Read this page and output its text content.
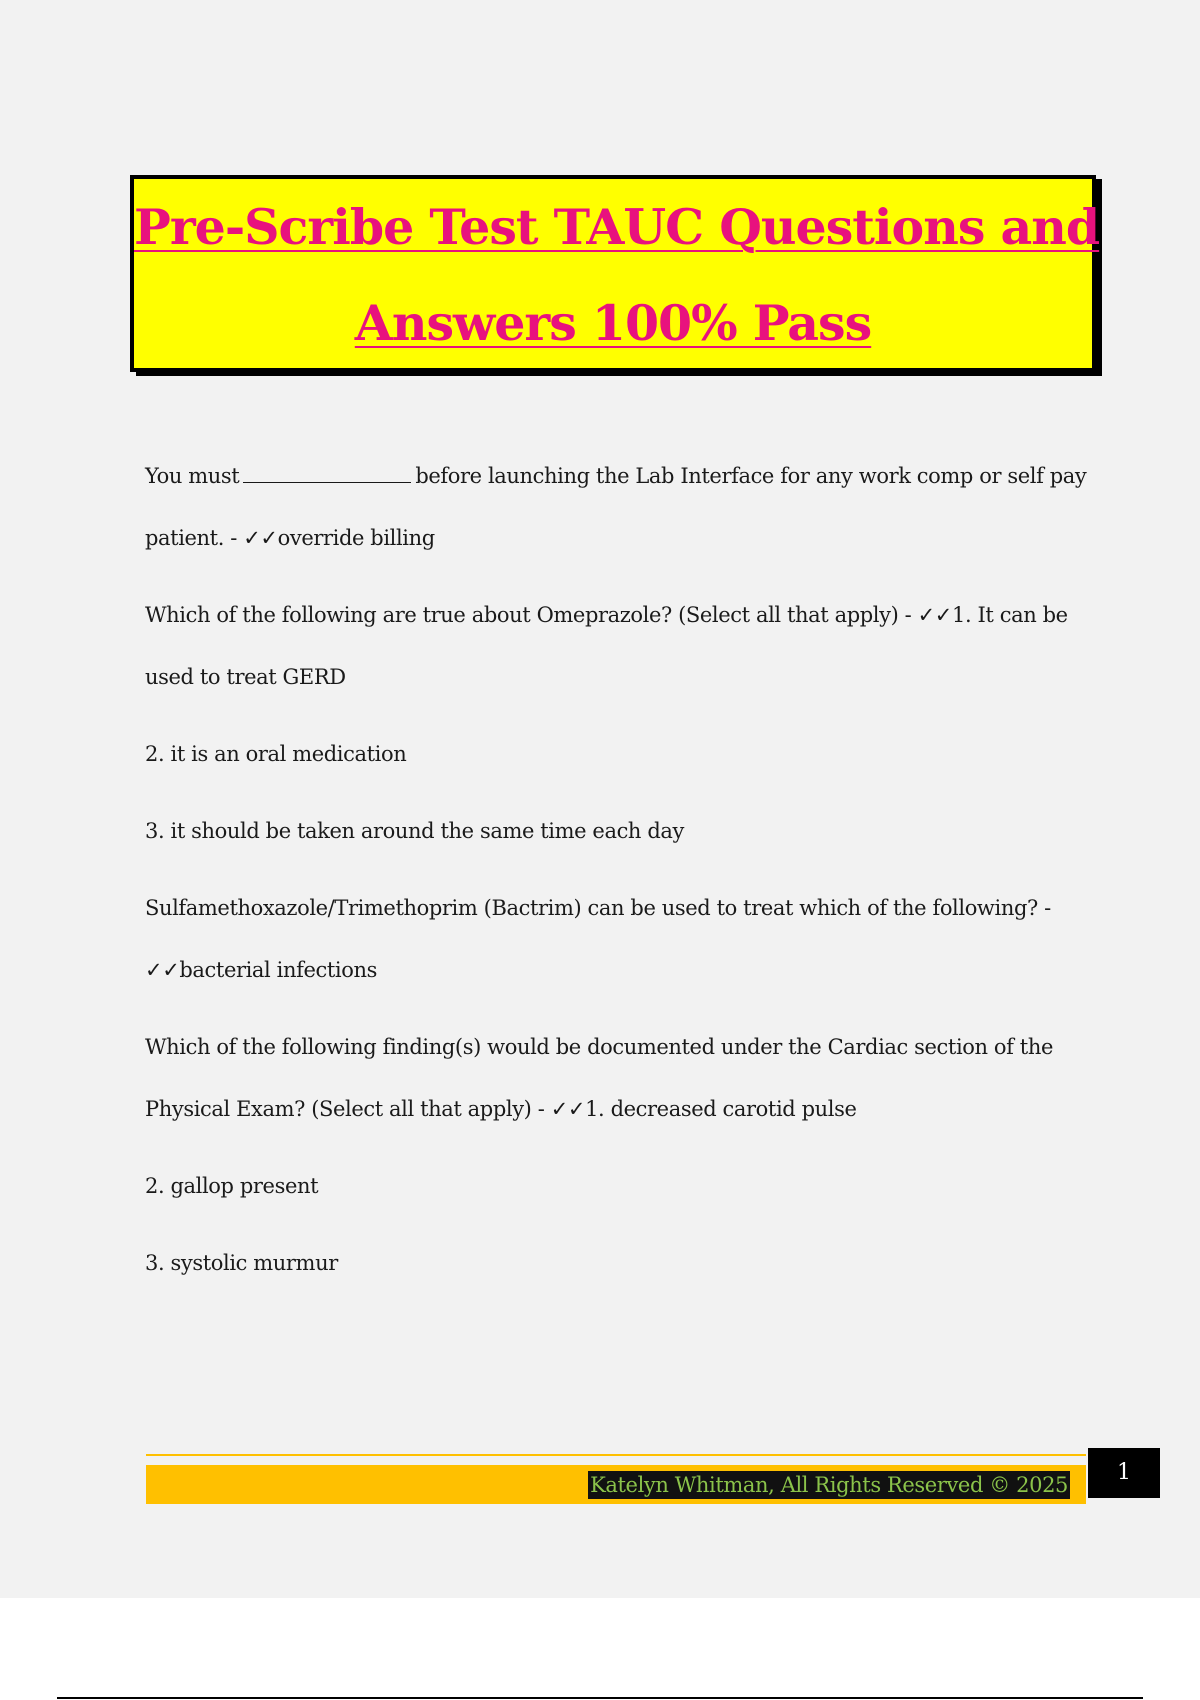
Pre-Scribe Test TAUC Questions and
Answers 100% Pass

You must	before launching the Lab Interface for any work comp or self pay patient. - ✓✓override billing

Which of the following are true about Omeprazole? (Select all that apply) - ✓✓1. It can be used to treat GERD

2. it is an oral medication

3. it should be taken around the same time each day

Sulfamethoxazole/Trimethoprim (Bactrim) can be used to treat which of the following? - ✓✓bacterial infections

Which of the following finding(s) would be documented under the Cardiac section of the Physical Exam? (Select all that apply) - ✓✓1. decreased carotid pulse

2. gallop present

3. systolic murmur

Katelyn Whitman, All Rights Reserved © 2025	1
